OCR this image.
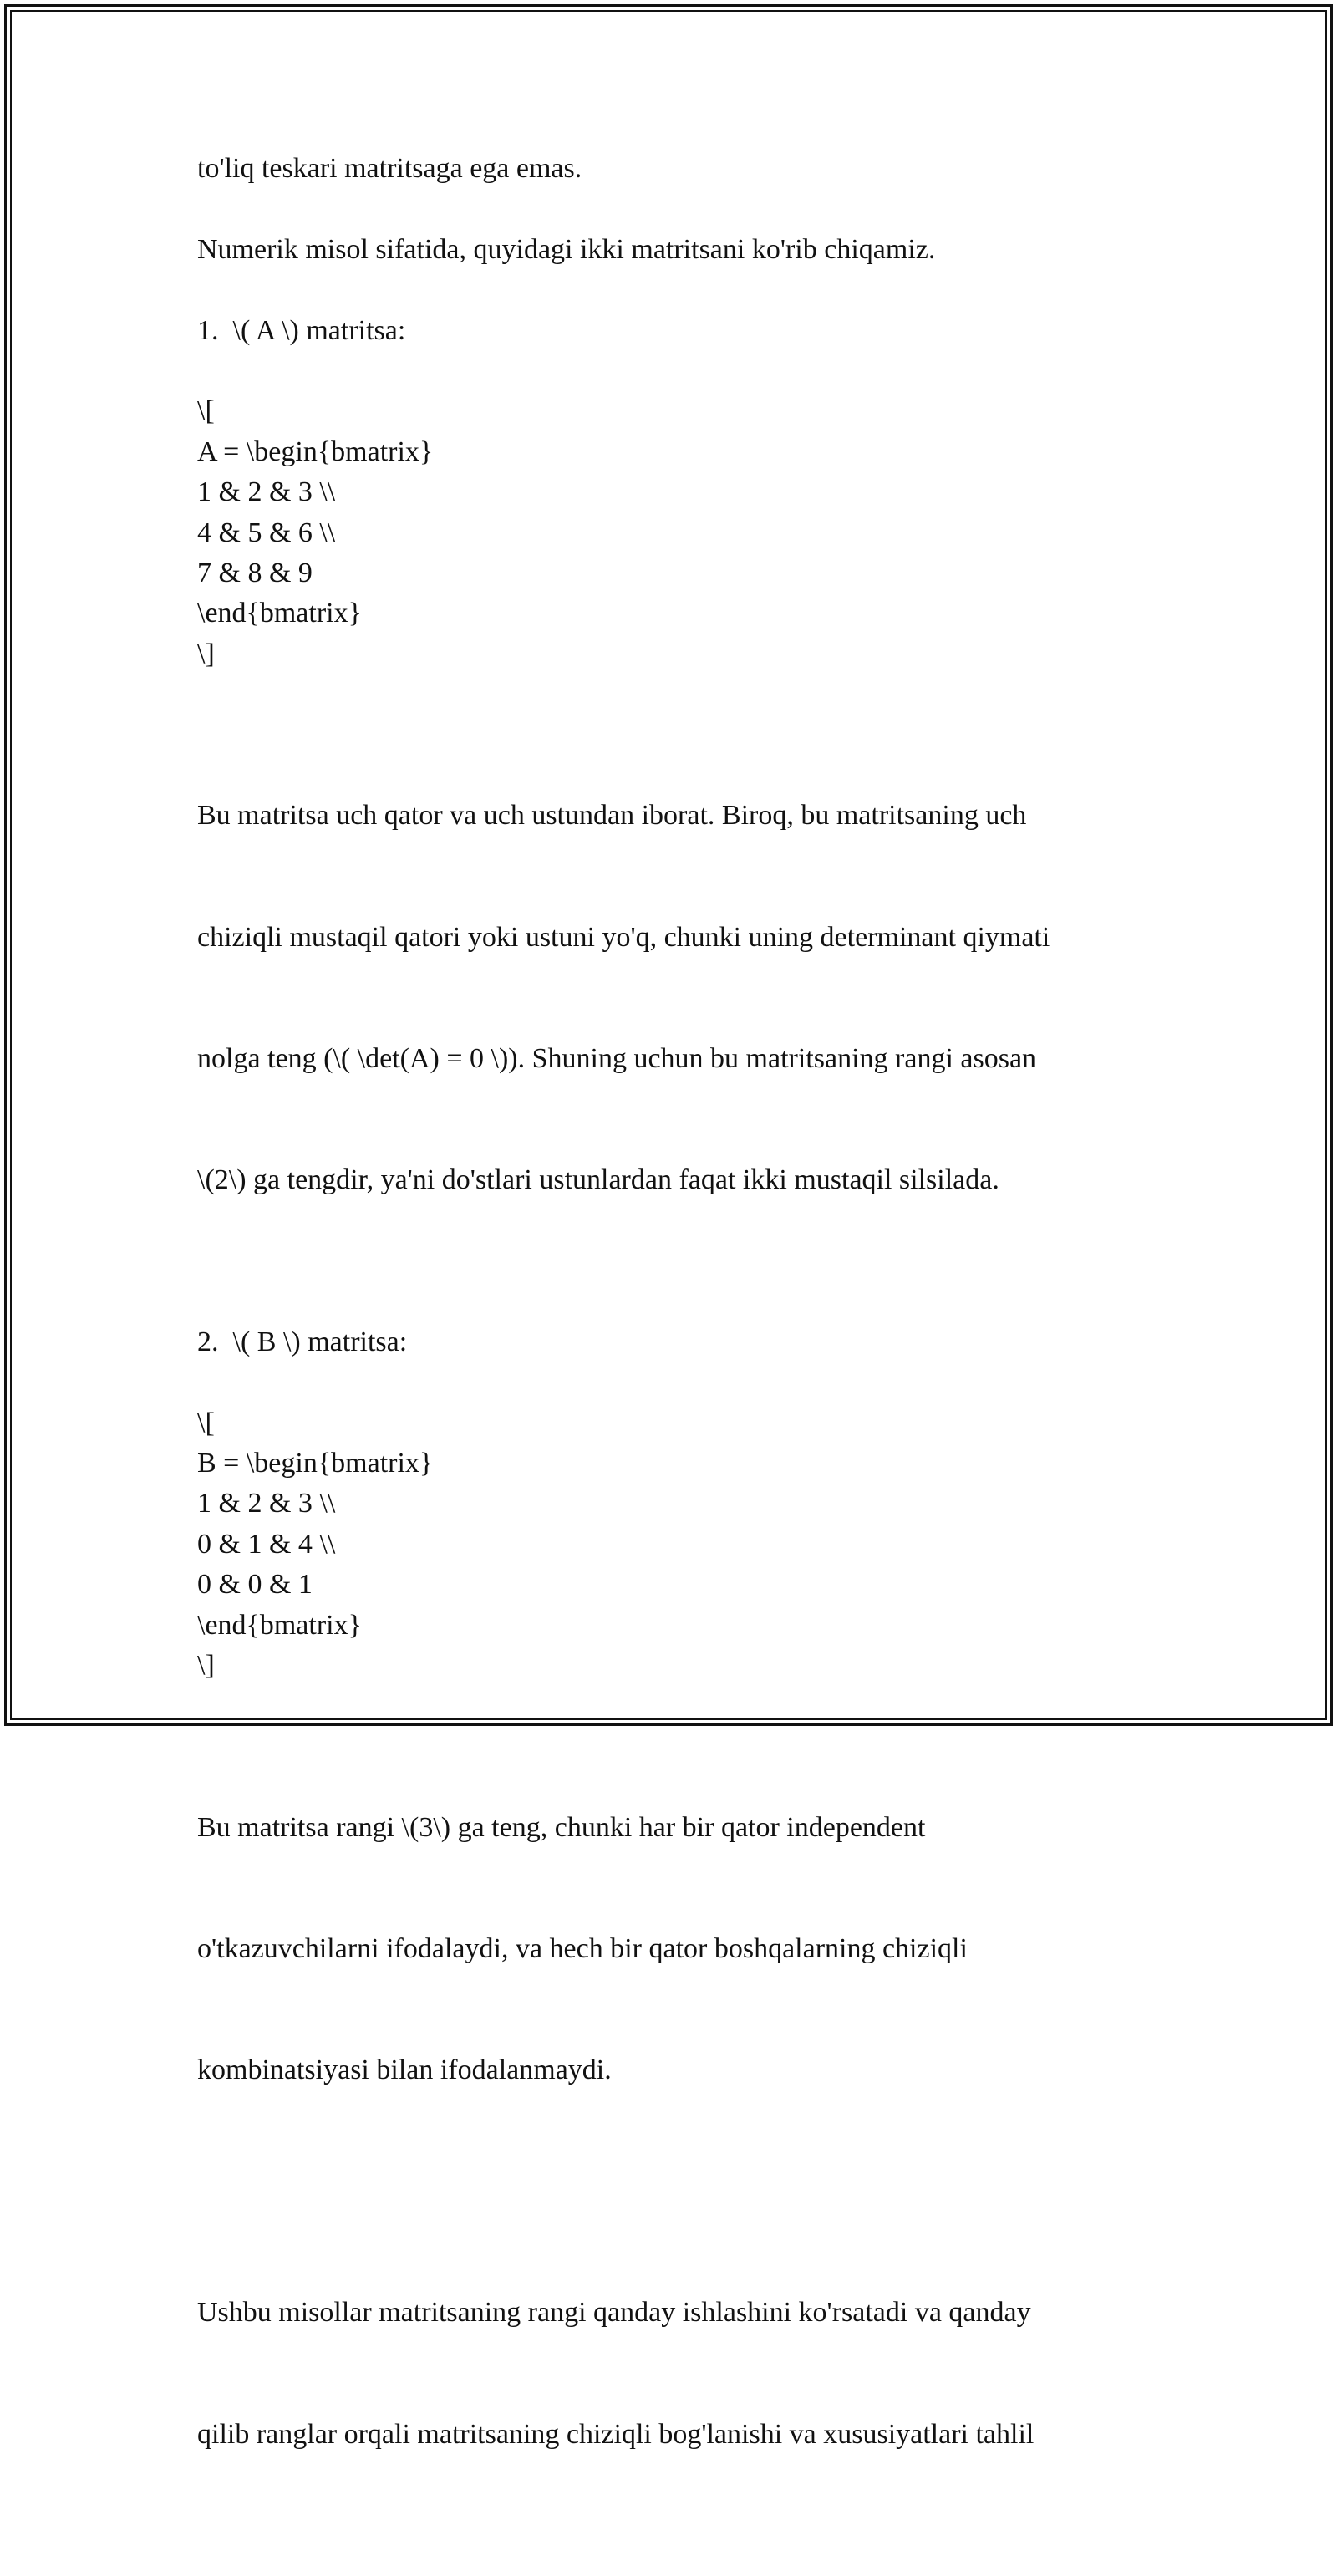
to'liq teskari matritsaga ega emas.

Numerik misol sifatida, quyidagi ikki matritsani ko'rib chiqamiz.

1.  \( A \) matritsa:

\[
A = \begin{bmatrix}
1 & 2 & 3 \\
4 & 5 & 6 \\
7 & 8 & 9
\end{bmatrix}
\]

Bu matritsa uch qator va uch ustundan iborat. Biroq, bu matritsaning uch

chiziqli mustaqil qatori yoki ustuni yo'q, chunki uning determinant qiymati

nolga teng (\( \det(A) = 0 \)). Shuning uchun bu matritsaning rangi asosan

\(2\) ga tengdir, ya'ni do'stlari ustunlardan faqat ikki mustaqil silsilada.

2.  \( B \) matritsa:

\[
B = \begin{bmatrix}
1 & 2 & 3 \\
0 & 1 & 4 \\
0 & 0 & 1
\end{bmatrix}
\]

Bu matritsa rangi \(3\) ga teng, chunki har bir qator independent

o'tkazuvchilarni ifodalaydi, va hech bir qator boshqalarning chiziqli

kombinatsiyasi bilan ifodalanmaydi.

Ushbu misollar matritsaning rangi qanday ishlashini ko'rsatadi va qanday

qilib ranglar orqali matritsaning chiziqli bog'lanishi va xususiyatlari tahlil
